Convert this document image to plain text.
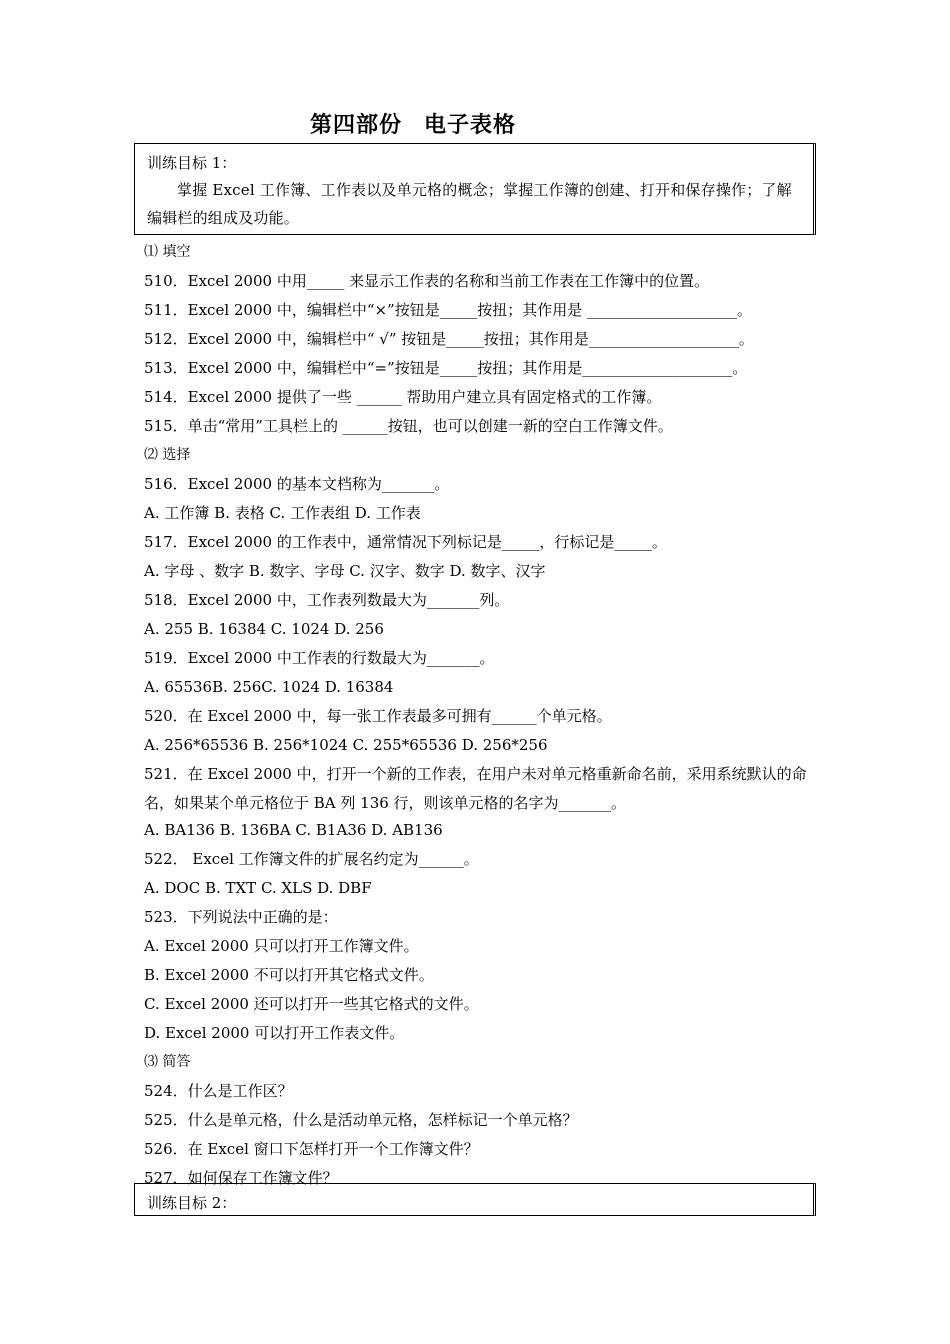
第四部份 电子表格
训练目标 1：
掌握 Excel 工作簿、工作表以及单元格的概念；掌握工作簿的创建、打开和保存操作；了解编辑栏的组成及功能。
⑴ 填空
510．Excel 2000 中用_____ 来显示工作表的名称和当前工作表在工作簿中的位置。
511．Excel 2000 中，编辑栏中“×”按钮是_____按扭；其作用是 ____________________。
512．Excel 2000 中，编辑栏中“ √” 按钮是_____按扭；其作用是____________________。
513．Excel 2000 中，编辑栏中“=”按钮是_____按扭；其作用是____________________。
514．Excel 2000 提供了一些 ______ 帮助用户建立具有固定格式的工作簿。
515．单击“常用”工具栏上的 ______按钮，也可以创建一新的空白工作簿文件。
⑵ 选择
516．Excel 2000 的基本文档称为_______。
A. 工作簿 B. 表格 C. 工作表组 D. 工作表
517．Excel 2000 的工作表中，通常情况下列标记是_____，行标记是_____。
A. 字母 、数字 B. 数字、字母 C. 汉字、数字 D. 数字、汉字
518．Excel 2000 中，工作表列数最大为_______列。
A. 255 B. 16384 C. 1024 D. 256
519．Excel 2000 中工作表的行数最大为_______。
A. 65536B. 256C. 1024 D. 16384
520．在 Excel 2000 中，每一张工作表最多可拥有______个单元格。
A. 256*65536 B. 256*1024 C. 255*65536 D. 256*256
521．在 Excel 2000 中，打开一个新的工作表，在用户未对单元格重新命名前，采用系统默认的命名，如果某个单元格位于 BA 列 136 行，则该单元格的名字为_______。
A. BA136 B. 136BA C. B1A36 D. AB136
522． Excel 工作簿文件的扩展名约定为______。
A. DOC B. TXT C. XLS D. DBF
523．下列说法中正确的是：
A. Excel 2000 只可以打开工作簿文件。
B. Excel 2000 不可以打开其它格式文件。
C. Excel 2000 还可以打开一些其它格式的文件。
D. Excel 2000 可以打开工作表文件。
⑶ 简答
524．什么是工作区？
525．什么是单元格，什么是活动单元格，怎样标记一个单元格？
526．在 Excel 窗口下怎样打开一个工作簿文件？
527．如何保存工作簿文件？
训练目标 2：
